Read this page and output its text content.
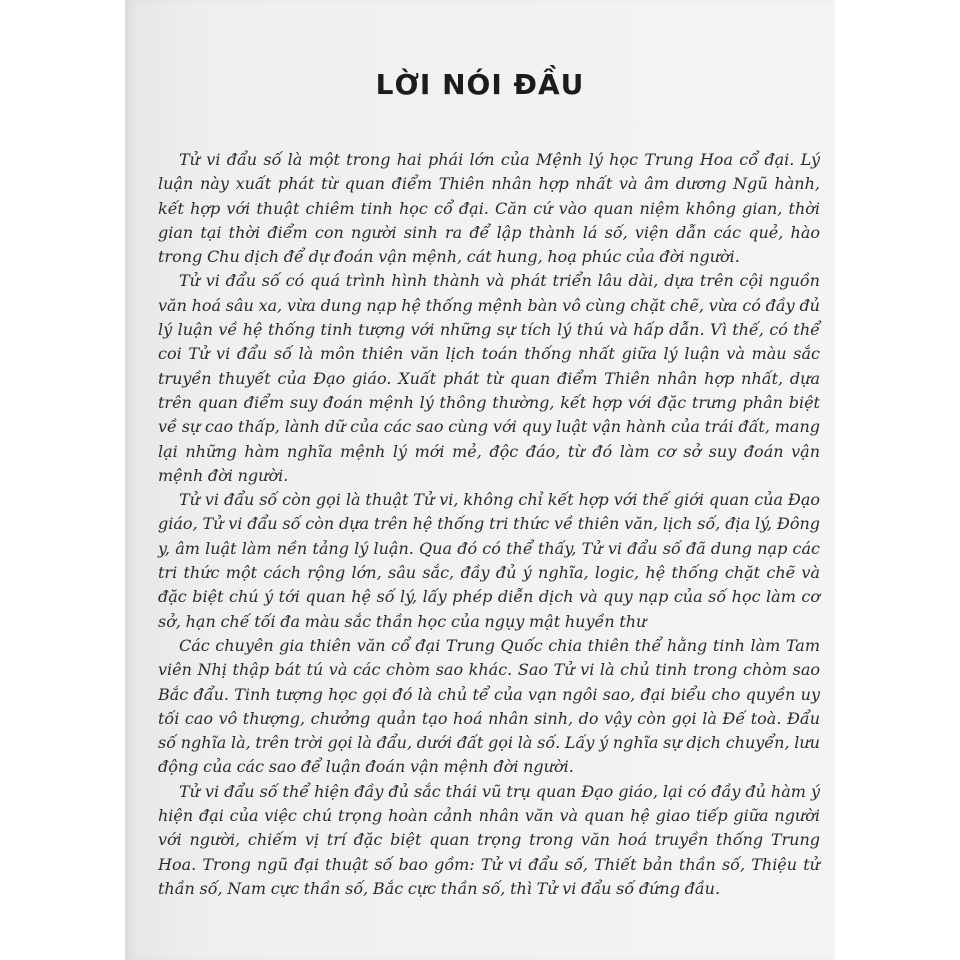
LỜI NÓI ĐẦU

Tử vi đẩu số là một trong hai phái lớn của Mệnh lý học Trung Hoa cổ đại. Lý luận này xuất phát từ quan điểm Thiên nhân hợp nhất và âm dương Ngũ hành, kết hợp với thuật chiêm tinh học cổ đại. Căn cứ vào quan niệm không gian, thời gian tại thời điểm con người sinh ra để lập thành lá số, viện dẫn các quẻ, hào trong Chu dịch để dự đoán vận mệnh, cát hung, hoạ phúc của đời người.

Tử vi đẩu số có quá trình hình thành và phát triển lâu dài, dựa trên cội nguồn văn hoá sâu xa, vừa dung nạp hệ thống mệnh bàn vô cùng chặt chẽ, vừa có đầy đủ lý luận về hệ thống tinh tượng với những sự tích lý thú và hấp dẫn. Vì thế, có thể coi Tử vi đẩu số là môn thiên văn lịch toán thống nhất giữa lý luận và màu sắc truyền thuyết của Đạo giáo. Xuất phát từ quan điểm Thiên nhân hợp nhất, dựa trên quan điểm suy đoán mệnh lý thông thường, kết hợp với đặc trưng phân biệt về sự cao thấp, lành dữ của các sao cùng với quy luật vận hành của trái đất, mang lại những hàm nghĩa mệnh lý mới mẻ, độc đáo, từ đó làm cơ sở suy đoán vận mệnh đời người.

Tử vi đẩu số còn gọi là thuật Tử vi, không chỉ kết hợp với thế giới quan của Đạo giáo, Tử vi đẩu số còn dựa trên hệ thống tri thức về thiên văn, lịch số, địa lý, Đông y, âm luật làm nền tảng lý luận. Qua đó có thể thấy, Tử vi đẩu số đã dung nạp các tri thức một cách rộng lớn, sâu sắc, đầy đủ ý nghĩa, logic, hệ thống chặt chẽ và đặc biệt chú ý tới quan hệ số lý, lấy phép diễn dịch và quy nạp của số học làm cơ sở, hạn chế tối đa màu sắc thần học của ngụy mật huyền thư

Các chuyên gia thiên văn cổ đại Trung Quốc chia thiên thể hằng tinh làm Tam viên Nhị thập bát tú và các chòm sao khác. Sao Tử vi là chủ tinh trong chòm sao Bắc đẩu. Tinh tượng học gọi đó là chủ tể của vạn ngôi sao, đại biểu cho quyền uy tối cao vô thượng, chưởng quản tạo hoá nhân sinh, do vậy còn gọi là Đế toà. Đẩu số nghĩa là, trên trời gọi là đẩu, dưới đất gọi là số. Lấy ý nghĩa sự dịch chuyển, lưu động của các sao để luận đoán vận mệnh đời người.

Tử vi đẩu số thể hiện đầy đủ sắc thái vũ trụ quan Đạo giáo, lại có đầy đủ hàm ý hiện đại của việc chú trọng hoàn cảnh nhân văn và quan hệ giao tiếp giữa người với người, chiếm vị trí đặc biệt quan trọng trong văn hoá truyền thống Trung Hoa. Trong ngũ đại thuật số bao gồm: Tử vi đẩu số, Thiết bản thần số, Thiệu tử thần số, Nam cực thần số, Bắc cực thần số, thì Tử vi đẩu số đứng đầu.
